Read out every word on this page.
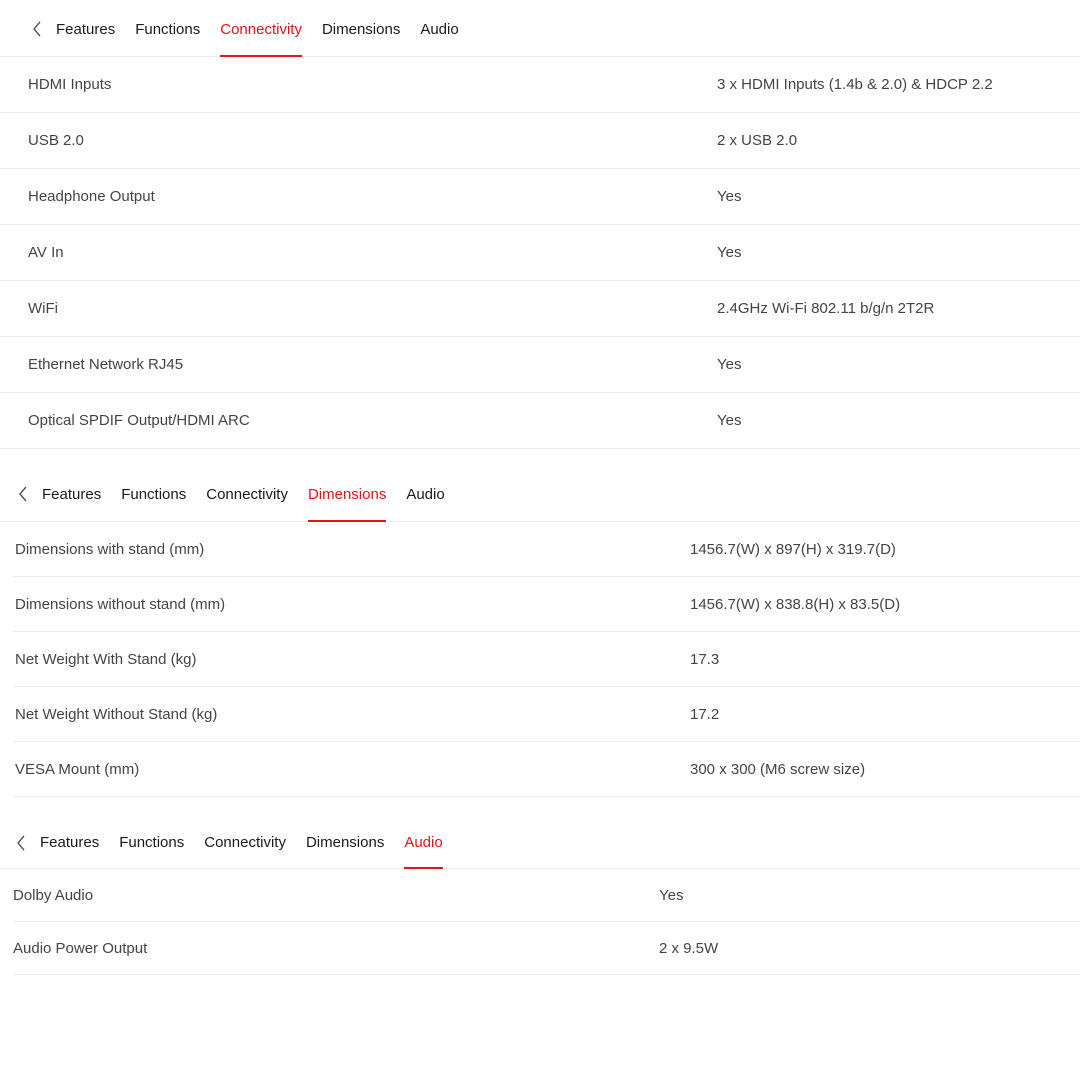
Features Functions Connectivity Dimensions Audio
HDMI Inputs	3 x HDMI Inputs (1.4b & 2.0) & HDCP 2.2
USB 2.0	2 x USB 2.0
Headphone Output	Yes
AV In	Yes
WiFi	2.4GHz Wi-Fi 802.11 b/g/n 2T2R
Ethernet Network RJ45	Yes
Optical SPDIF Output/HDMI ARC	Yes
Features Functions Connectivity Dimensions Audio
Dimensions with stand (mm)	1456.7(W) x 897(H) x 319.7(D)
Dimensions without stand (mm)	1456.7(W) x 838.8(H) x 83.5(D)
Net Weight With Stand (kg)	17.3
Net Weight Without Stand (kg)	17.2
VESA Mount (mm)	300 x 300 (M6 screw size)
Features Functions Connectivity Dimensions Audio
Dolby Audio	Yes
Audio Power Output	2 x 9.5W
